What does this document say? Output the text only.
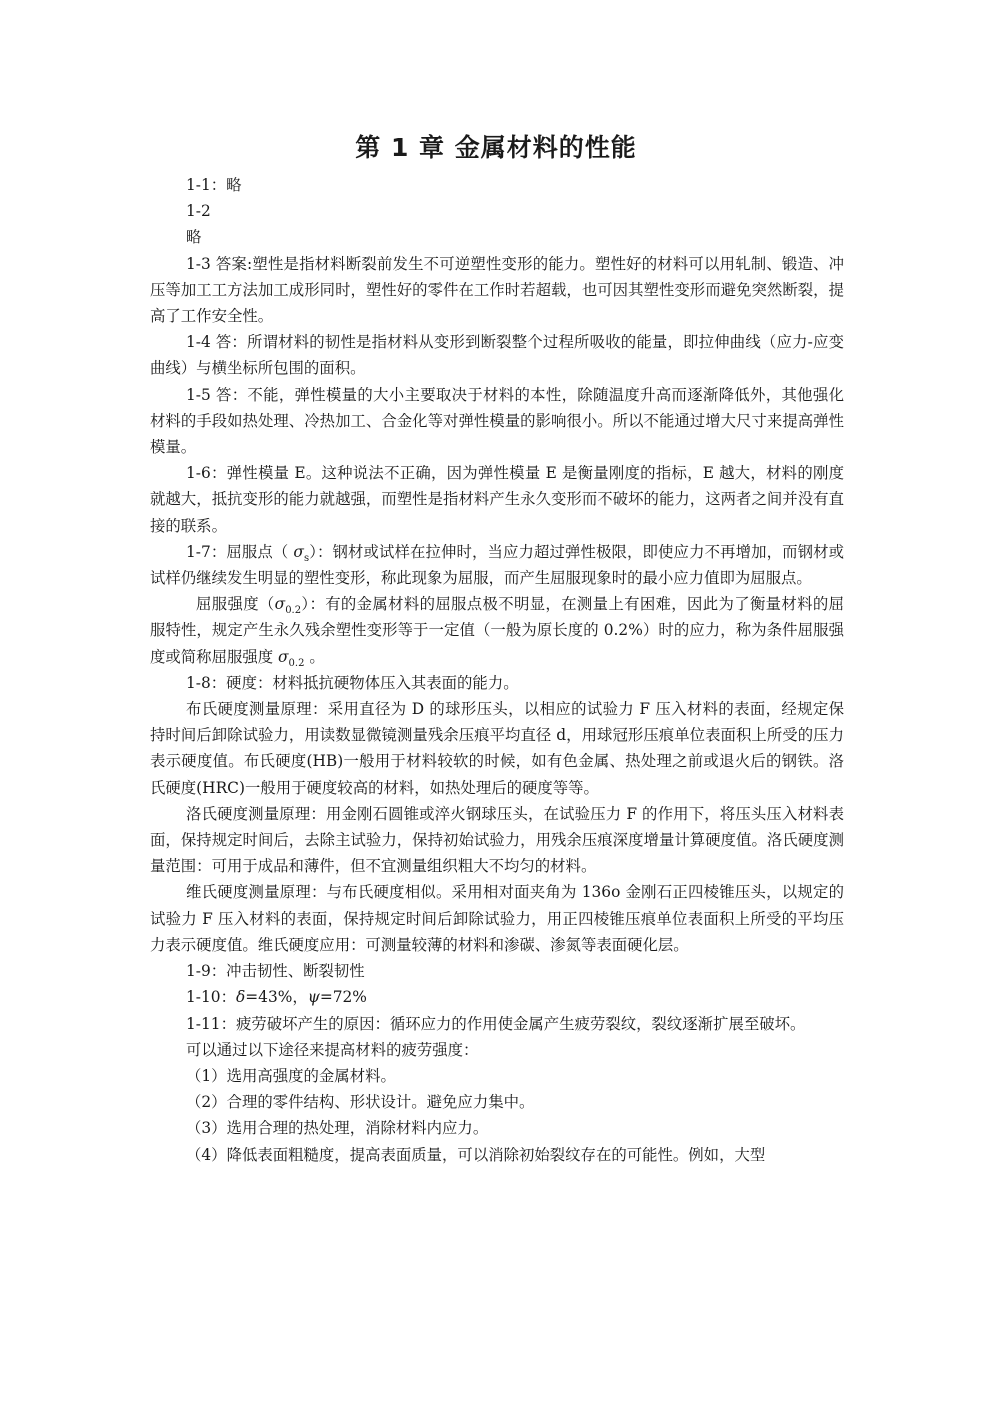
第 1 章 金属材料的性能

1-1：略

1-2

略

1-3 答案:塑性是指材料断裂前发生不可逆塑性变形的能力。塑性好的材料可以用轧制、锻造、冲压等加工工方法加工成形同时，塑性好的零件在工作时若超载，也可因其塑性变形而避免突然断裂，提高了工作安全性。

1-4 答：所谓材料的韧性是指材料从变形到断裂整个过程所吸收的能量，即拉伸曲线（应力-应变曲线）与横坐标所包围的面积。

1-5 答：不能，弹性模量的大小主要取决于材料的本性，除随温度升高而逐渐降低外，其他强化材料的手段如热处理、冷热加工、合金化等对弹性模量的影响很小。所以不能通过增大尺寸来提高弹性模量。

1-6：弹性模量 E。这种说法不正确，因为弹性模量 E 是衡量刚度的指标，E 越大，材料的刚度就越大，抵抗变形的能力就越强，而塑性是指材料产生永久变形而不破坏的能力，这两者之间并没有直接的联系。

1-7：屈服点（ $\sigma_s$）：钢材或试样在拉伸时，当应力超过弹性极限，即使应力不再增加，而钢材或试样仍继续发生明显的塑性变形，称此现象为屈服，而产生屈服现象时的最小应力值即为屈服点。

屈服强度$(\sigma_{0.2})$：有的金属材料的屈服点极不明显，在测量上有困难，因此为了衡量材料的屈服特性，规定产生永久残余塑性变形等于一定值（一般为原长度的 0.2%）时的应力，称为条件屈服强度或简称屈服强度 $\sigma_{0.2}$ 。

1-8：硬度：材料抵抗硬物体压入其表面的能力。

布氏硬度测量原理：采用直径为 D 的球形压头，以相应的试验力 F 压入材料的表面，经规定保持时间后卸除试验力，用读数显微镜测量残余压痕平均直径 d，用球冠形压痕单位表面积上所受的压力表示硬度值。布氏硬度(HB)一般用于材料较软的时候，如有色金属、热处理之前或退火后的钢铁。洛氏硬度(HRC)一般用于硬度较高的材料，如热处理后的硬度等等。

洛氏硬度测量原理：用金刚石圆锥或淬火钢球压头，在试验压力 F 的作用下，将压头压入材料表面，保持规定时间后，去除主试验力，保持初始试验力，用残余压痕深度增量计算硬度值。洛氏硬度测量范围：可用于成品和薄件，但不宜测量组织粗大不均匀的材料。

维氏硬度测量原理：与布氏硬度相似。采用相对面夹角为 136o 金刚石正四棱锥压头，以规定的试验力 F 压入材料的表面，保持规定时间后卸除试验力，用正四棱锥压痕单位表面积上所受的平均压力表示硬度值。维氏硬度应用：可测量较薄的材料和渗碳、渗氮等表面硬化层。

1-9：冲击韧性、断裂韧性

1-10：δ=43%，ψ=72%

1-11：疲劳破坏产生的原因：循环应力的作用使金属产生疲劳裂纹，裂纹逐渐扩展至破坏。

可以通过以下途径来提高材料的疲劳强度：

（1）选用高强度的金属材料。

（2）合理的零件结构、形状设计。避免应力集中。

（3）选用合理的热处理，消除材料内应力。

（4）降低表面粗糙度，提高表面质量，可以消除初始裂纹存在的可能性。例如，大型
